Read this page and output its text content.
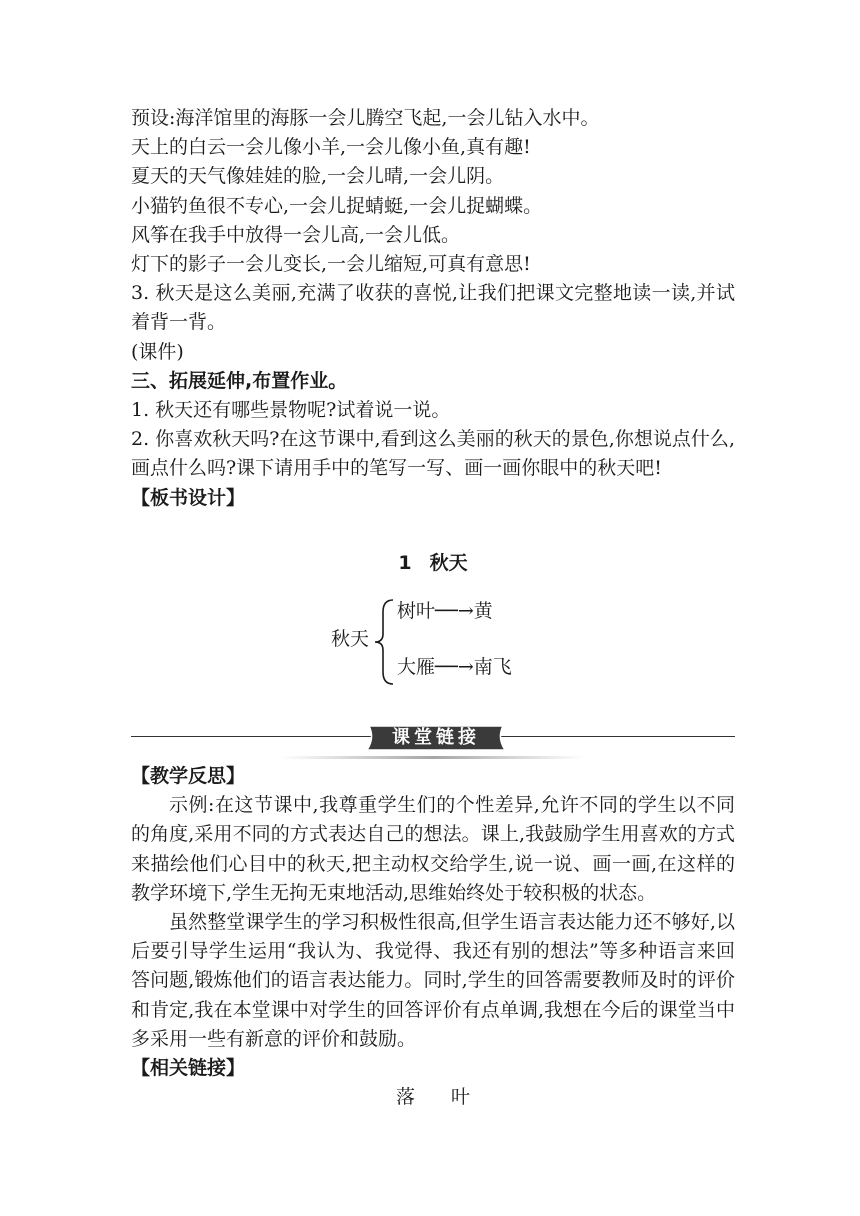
预设:海洋馆里的海豚一会儿腾空飞起,一会儿钻入水中。
天上的白云一会儿像小羊,一会儿像小鱼,真有趣!
夏天的天气像娃娃的脸,一会儿晴,一会儿阴。
小猫钓鱼很不专心,一会儿捉蜻蜓,一会儿捉蝴蝶。
风筝在我手中放得一会儿高,一会儿低。
灯下的影子一会儿变长,一会儿缩短,可真有意思!
3. 秋天是这么美丽,充满了收获的喜悦,让我们把课文完整地读一读,并试着背一背。
(课件)
三、拓展延伸,布置作业。
1. 秋天还有哪些景物呢?试着说一说。
2. 你喜欢秋天吗?在这节课中,看到这么美丽的秋天的景色,你想说点什么,画点什么吗?课下请用手中的笔写一写、画一画你眼中的秋天吧!
【板书设计】
1 秋天
秋天
树叶──→黄
大雁──→南飞
课堂链接
【教学反思】
示例:在这节课中,我尊重学生们的个性差异,允许不同的学生以不同的角度,采用不同的方式表达自己的想法。课上,我鼓励学生用喜欢的方式来描绘他们心目中的秋天,把主动权交给学生,说一说、画一画,在这样的教学环境下,学生无拘无束地活动,思维始终处于较积极的状态。
虽然整堂课学生的学习积极性很高,但学生语言表达能力还不够好,以后要引导学生运用“我认为、我觉得、我还有别的想法”等多种语言来回答问题,锻炼他们的语言表达能力。同时,学生的回答需要教师及时的评价和肯定,我在本堂课中对学生的回答评价有点单调,我想在今后的课堂当中多采用一些有新意的评价和鼓励。
【相关链接】
落 叶
